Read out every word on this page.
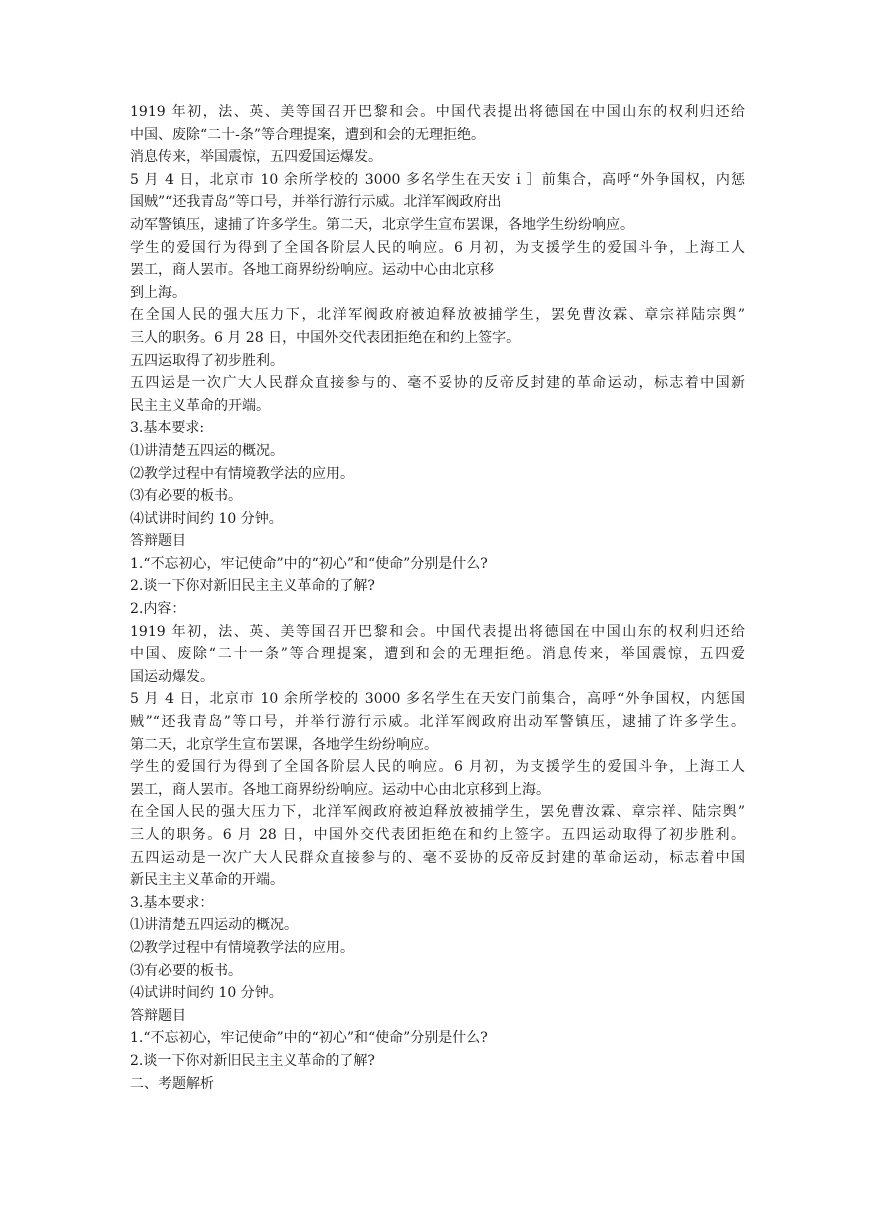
1919 年初，法、英、美等国召开巴黎和会。中国代表提出将德国在中国山东的权利归还给
中国、废除“二十-条”等合理提案，遭到和会的无理拒绝。
消息传来，举国震惊，五四爱国运爆发。
5 月 4 日，北京市 10 余所学校的 3000 多名学生在天安ｉ］前集合，高呼“外争国权，内惩
国贼”“还我青岛”等口号，并举行游行示威。北洋军阀政府出
动军警镇压，逮捕了许多学生。第二天，北京学生宣布罢课，各地学生纷纷响应。
学生的爱国行为得到了全国各阶层人民的响应。6 月初，为支援学生的爱国斗争，上海工人
罢工，商人罢市。各地工商界纷纷响应。运动中心由北京移
到上海。
在全国人民的强大压力下，北洋军阀政府被迫释放被捕学生，罢免曹汝霖、章宗祥陆宗舆”
三人的职务。6 月 28 日，中国外交代表团拒绝在和约上签字。
五四运取得了初步胜利。
五四运是一次广大人民群众直接参与的、毫不妥协的反帝反封建的革命运动，标志着中国新
民主主义革命的开端。
3.基本要求:
⑴讲清楚五四运的概况。
⑵教学过程中有情境教学法的应用。
⑶有必要的板书。
⑷试讲时间约 10 分钟。
答辩题目
1.“不忘初心，牢记使命”中的“初心”和“使命”分别是什么?
2.谈一下你对新旧民主主义革命的了解?
2.内容：
1919 年初，法、英、美等国召开巴黎和会。中国代表提出将德国在中国山东的权利归还给
中国、废除“二十一条”等合理提案，遭到和会的无理拒绝。消息传来，举国震惊，五四爱
国运动爆发。
5 月 4 日，北京市 10 余所学校的 3000 多名学生在天安门前集合，高呼“外争国权，内惩国
贼”“还我青岛”等口号，并举行游行示威。北洋军阀政府出动军警镇压，逮捕了许多学生。
第二天，北京学生宣布罢课，各地学生纷纷响应。
学生的爱国行为得到了全国各阶层人民的响应。6 月初，为支援学生的爱国斗争，上海工人
罢工，商人罢市。各地工商界纷纷响应。运动中心由北京移到上海。
在全国人民的强大压力下，北洋军阀政府被迫释放被捕学生，罢免曹汝霖、章宗祥、陆宗舆”
三人的职务。6 月 28 日，中国外交代表团拒绝在和约上签字。五四运动取得了初步胜利。
五四运动是一次广大人民群众直接参与的、毫不妥协的反帝反封建的革命运动，标志着中国
新民主主义革命的开端。
3.基本要求：
⑴讲清楚五四运动的概况。
⑵教学过程中有情境教学法的应用。
⑶有必要的板书。
⑷试讲时间约 10 分钟。
答辩题目
1.“不忘初心，牢记使命”中的“初心”和“使命”分别是什么?
2.谈一下你对新旧民主主义革命的了解?
二、考题解析
